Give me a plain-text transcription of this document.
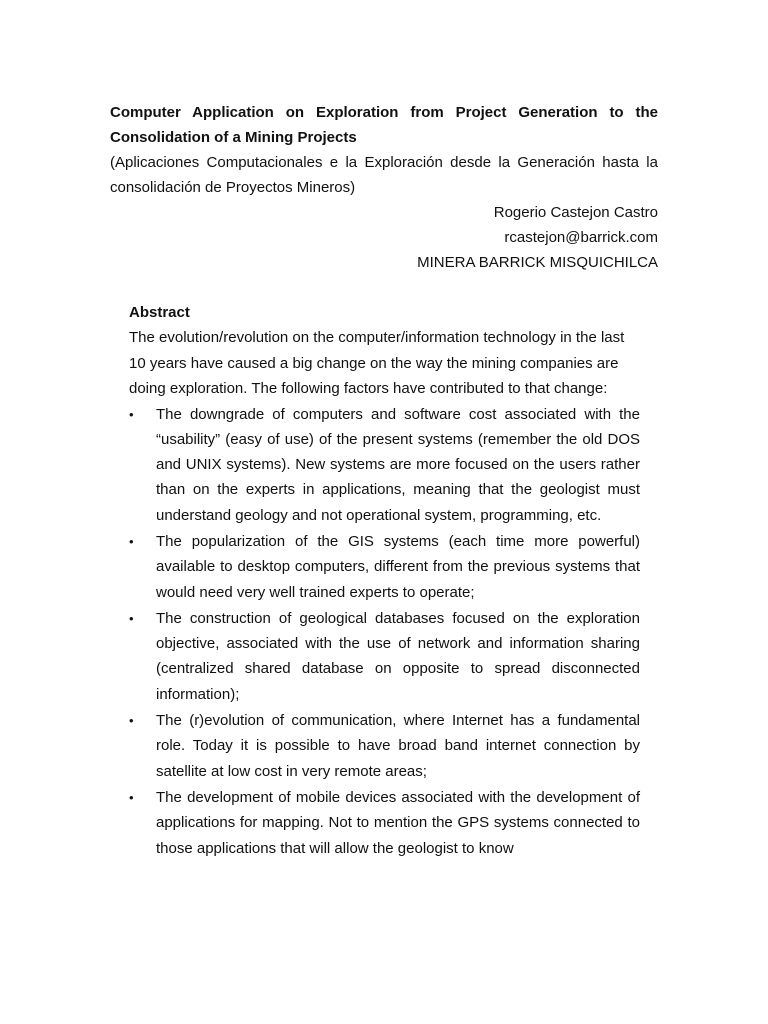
Computer Application on Exploration from Project Generation to the Consolidation of a Mining Projects

(Aplicaciones Computacionales e la Exploración desde la Generación hasta la consolidación de Proyectos Mineros)

Rogerio Castejon Castro

rcastejon@barrick.com

MINERA BARRICK MISQUICHILCA

Abstract

The evolution/revolution on the computer/information technology in the last 10 years have caused a big change on the way the mining companies are doing exploration. The following factors have contributed to that change:

• The downgrade of computers and software cost associated with the “usability” (easy of use) of the present systems (remember the old DOS and UNIX systems). New systems are more focused on the users rather than on the experts in applications, meaning that the geologist must understand geology and not operational system, programming, etc.
• The popularization of the GIS systems (each time more powerful) available to desktop computers, different from the previous systems that would need very well trained experts to operate;
• The construction of geological databases focused on the exploration objective, associated with the use of network and information sharing (centralized shared database on opposite to spread disconnected information);
• The (r)evolution of communication, where Internet has a fundamental role. Today it is possible to have broad band internet connection by satellite at low cost in very remote areas;
• The development of mobile devices associated with the development of applications for mapping. Not to mention the GPS systems connected to those applications that will allow the geologist to know
